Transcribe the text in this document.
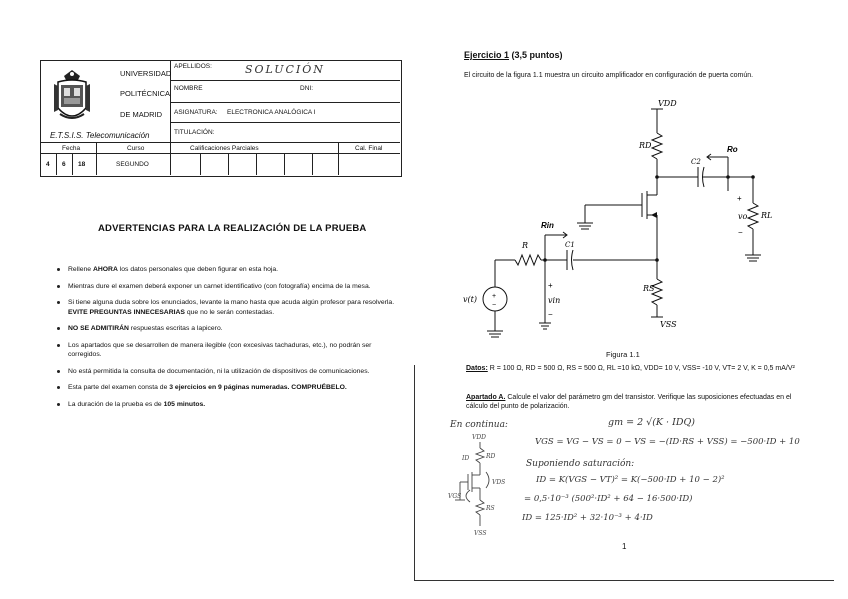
UNIVERSIDAD
POLITÉCNICA
DE MADRID
E.T.S.I.S. Telecomunicación
APELLIDOS:	SOLUCIÓN
NOMBRE	DNI:
ASIGNATURA: ELECTRONICA ANALÓGICA I
TITULACIÓN:
Fecha	Curso	Calificaciones Parciales	Cal. Final
4 6 18	SEGUNDO
ADVERTENCIAS PARA LA REALIZACIÓN DE LA PRUEBA
Rellene AHORA los datos personales que deben figurar en esta hoja.
Mientras dure el examen deberá exponer un carnet identificativo (con fotografía) encima de la mesa.
Si tiene alguna duda sobre los enunciados, levante la mano hasta que acuda algún profesor para resolverla. EVITE PREGUNTAS INNECESARIAS que no le serán contestadas.
NO SE ADMITIRÁN respuestas escritas a lapicero.
Los apartados que se desarrollen de manera ilegible (con excesivas tachaduras, etc.), no podrán ser corregidos.
No está permitida la consulta de documentación, ni la utilización de dispositivos de comunicaciones.
Esta parte del examen consta de 3 ejercicios en 9 páginas numeradas. COMPRUÉBELO.
La duración de la prueba es de 105 minutos.
Ejercicio 1 (3,5 puntos)
El circuito de la figura 1.1 muestra un circuito amplificador en configuración de puerta común.
VDD
RD
C2
Ro
RL
vo
+
−
Rin
R	C1
RS
VSS
v(t)
+
vin
−
+
−
Figura 1.1
Datos: R = 100 Ω, RD = 500 Ω, RS = 500 Ω, RL =10 kΩ, VDD= 10 V, VSS= -10 V, VT= 2 V, K = 0,5 mA/V²
Apartado A. Calcule el valor del parámetro gm del transistor. Verifique las suposiciones efectuadas en el cálculo del punto de polarización.
En continua:	gm = 2 √(K · IDQ)
VGS = VG − VS = 0 − VS = −(ID·RS + VSS) = −500·ID + 10
Suponiendo saturación:
ID = K(VGS − VT)² = K(−500·ID + 10 − 2)²
= 0,5·10⁻³ (500²·ID² + 64 − 16·500·ID)
ID = 125·ID² + 32·10⁻³ + 4·ID
VDD
ID	RD
VDS
VGS
RS
VSS
1
